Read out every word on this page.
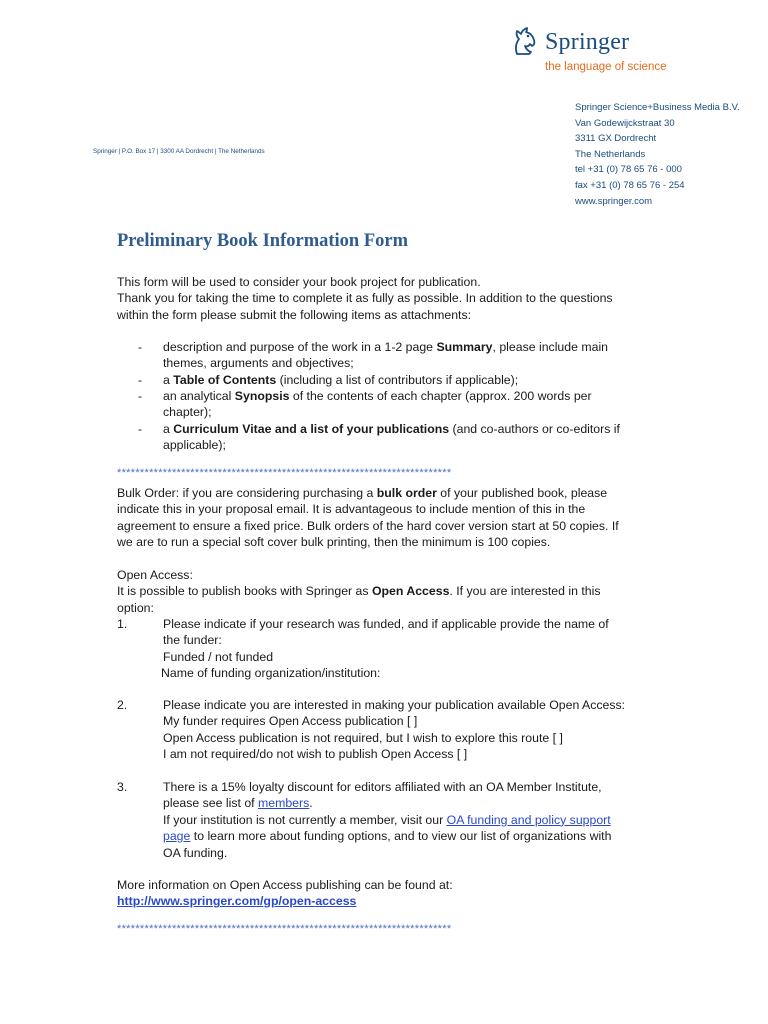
Springer
the language of science
Springer Science+Business Media B.V.
Van Godewijckstraat 30
3311 GX Dordrecht
The Netherlands
tel +31 (0) 78 65 76 - 000
fax +31 (0) 78 65 76 - 254
www.springer.com
Springer | P.O. Box 17 | 3300 AA Dordrecht | The Netherlands
Preliminary Book Information Form
This form will be used to consider your book project for publication.
Thank you for taking the time to complete it as fully as possible. In addition to the questions
within the form please submit the following items as attachments:
- description and purpose of the work in a 1-2 page Summary, please include main
themes, arguments and objectives;
- a Table of Contents (including a list of contributors if applicable);
- an analytical Synopsis of the contents of each chapter (approx. 200 words per
chapter);
- a Curriculum Vitae and a list of your publications (and co-authors or co-editors if
applicable);
*************************************************************************
Bulk Order: if you are considering purchasing a bulk order of your published book, please
indicate this in your proposal email. It is advantageous to include mention of this in the
agreement to ensure a fixed price. Bulk orders of the hard cover version start at 50 copies. If
we are to run a special soft cover bulk printing, then the minimum is 100 copies.
Open Access:
It is possible to publish books with Springer as Open Access. If you are interested in this
option:
1.	Please indicate if your research was funded, and if applicable provide the name of
the funder:
Funded / not funded
Name of funding organization/institution:
2.	Please indicate you are interested in making your publication available Open Access:
My funder requires Open Access publication [ ]
Open Access publication is not required, but I wish to explore this route [ ]
I am not required/do not wish to publish Open Access [ ]
3.	There is a 15% loyalty discount for editors affiliated with an OA Member Institute,
please see list of members.
If your institution is not currently a member, visit our OA funding and policy support
page to learn more about funding options, and to view our list of organizations with
OA funding.
More information on Open Access publishing can be found at:
http://www.springer.com/gp/open-access
*************************************************************************
